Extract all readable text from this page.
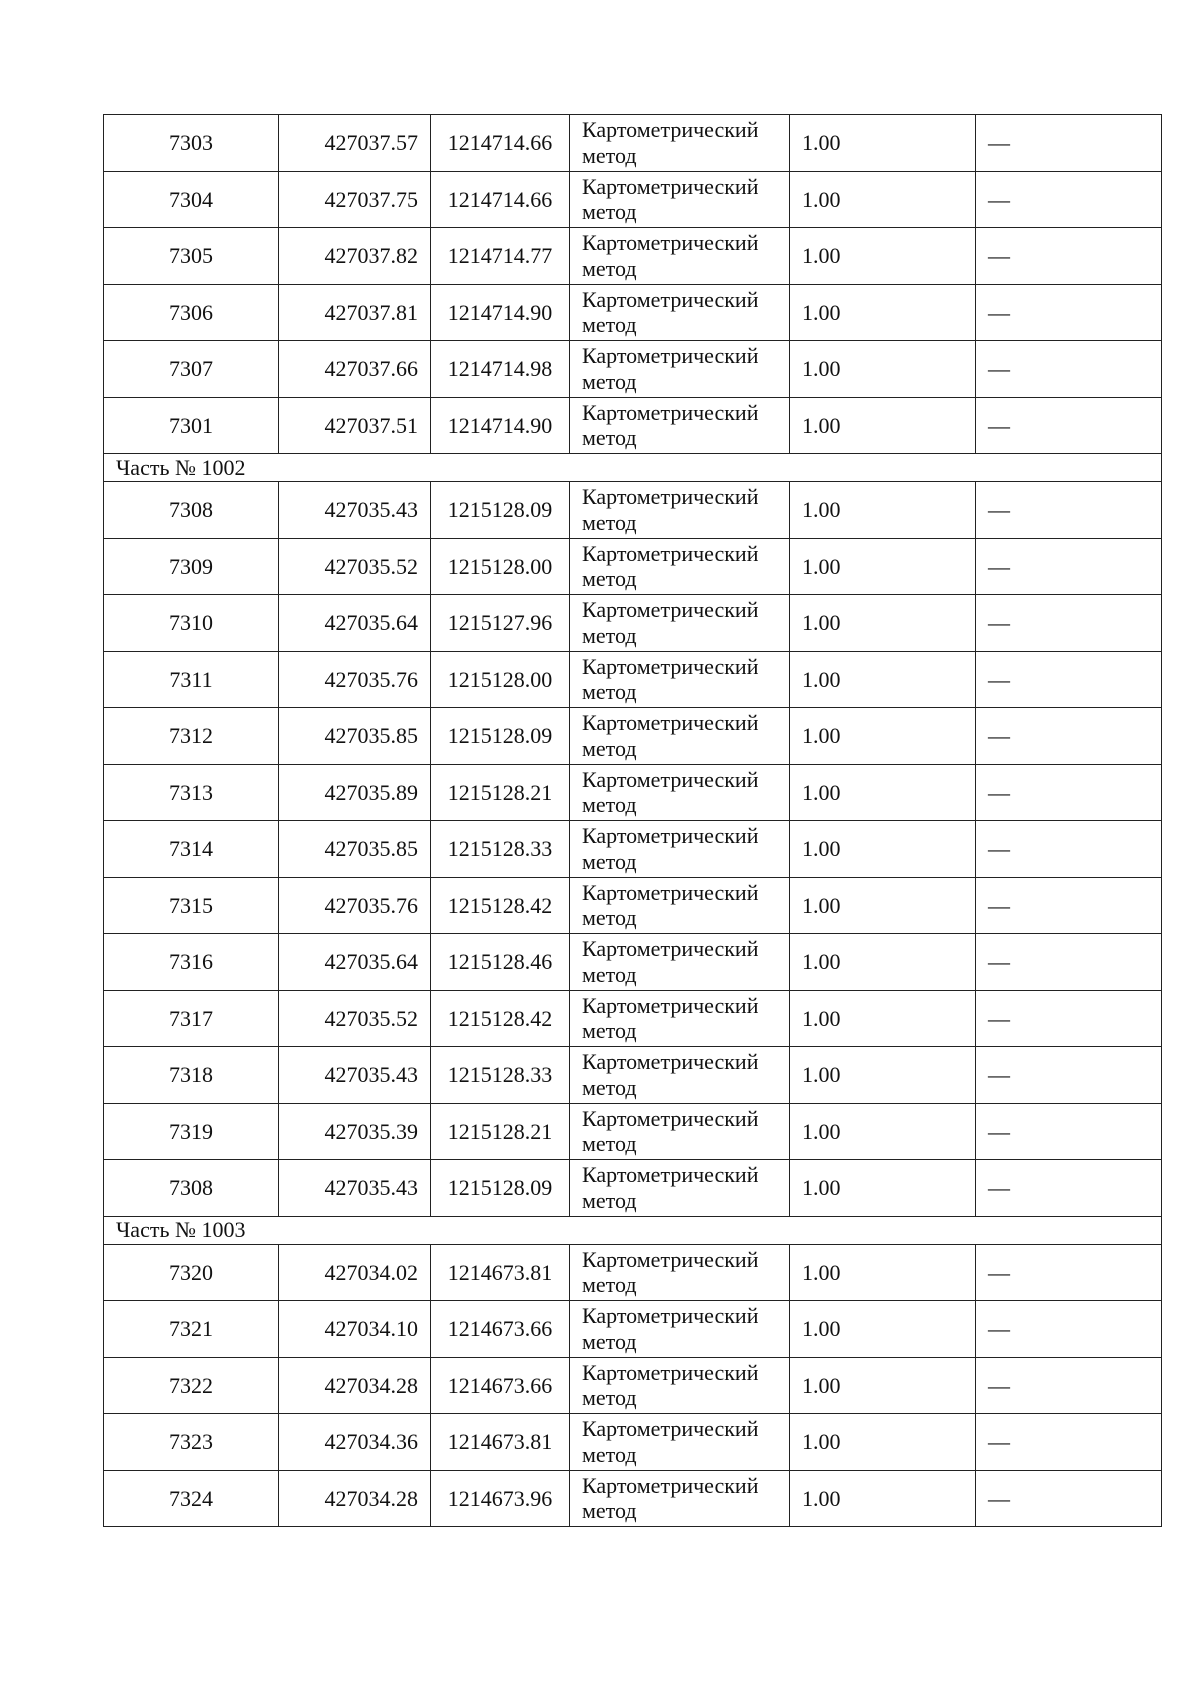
7303	427037.57	1214714.66	Картометрический метод	1.00	—
7304	427037.75	1214714.66	Картометрический метод	1.00	—
7305	427037.82	1214714.77	Картометрический метод	1.00	—
7306	427037.81	1214714.90	Картометрический метод	1.00	—
7307	427037.66	1214714.98	Картометрический метод	1.00	—
7301	427037.51	1214714.90	Картометрический метод	1.00	—
Часть № 1002					
7308	427035.43	1215128.09	Картометрический метод	1.00	—
7309	427035.52	1215128.00	Картометрический метод	1.00	—
7310	427035.64	1215127.96	Картометрический метод	1.00	—
7311	427035.76	1215128.00	Картометрический метод	1.00	—
7312	427035.85	1215128.09	Картометрический метод	1.00	—
7313	427035.89	1215128.21	Картометрический метод	1.00	—
7314	427035.85	1215128.33	Картометрический метод	1.00	—
7315	427035.76	1215128.42	Картометрический метод	1.00	—
7316	427035.64	1215128.46	Картометрический метод	1.00	—
7317	427035.52	1215128.42	Картометрический метод	1.00	—
7318	427035.43	1215128.33	Картометрический метод	1.00	—
7319	427035.39	1215128.21	Картометрический метод	1.00	—
7308	427035.43	1215128.09	Картометрический метод	1.00	—
Часть № 1003					
7320	427034.02	1214673.81	Картометрический метод	1.00	—
7321	427034.10	1214673.66	Картометрический метод	1.00	—
7322	427034.28	1214673.66	Картометрический метод	1.00	—
7323	427034.36	1214673.81	Картометрический метод	1.00	—
7324	427034.28	1214673.96	Картометрический метод	1.00	—
